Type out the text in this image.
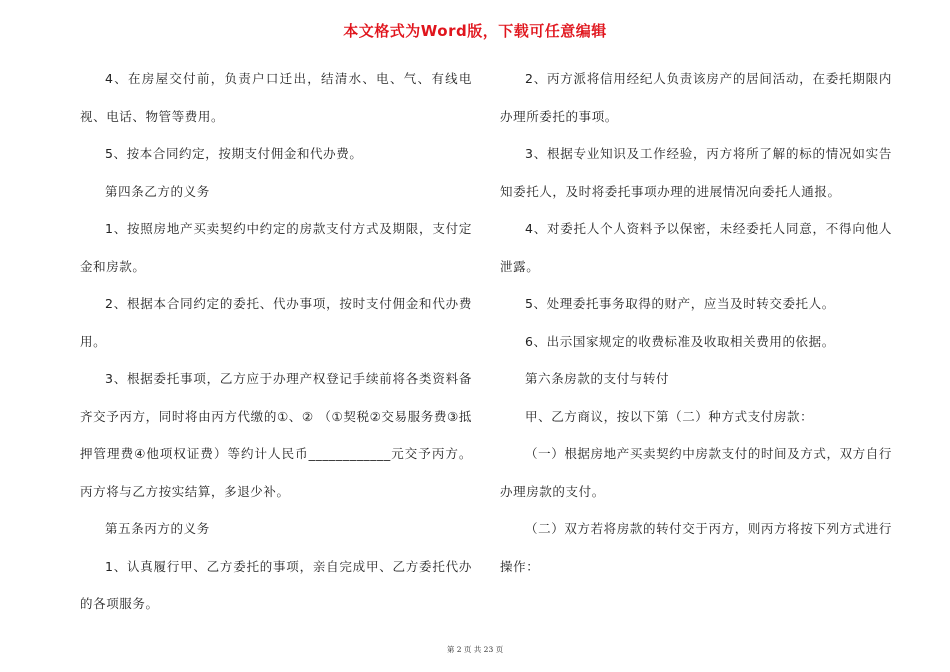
本文格式为Word版，下载可任意编辑

4、在房屋交付前，负责户口迁出，结清水、电、气、有线电视、电话、物管等费用。

5、按本合同约定，按期支付佣金和代办费。

第四条乙方的义务

1、按照房地产买卖契约中约定的房款支付方式及期限，支付定金和房款。

2、根据本合同约定的委托、代办事项，按时支付佣金和代办费用。

3、根据委托事项，乙方应于办理产权登记手续前将各类资料备齐交予丙方，同时将由丙方代缴的①、② （①契税②交易服务费③抵押管理费④他项权证费）等约计人民币____________元交予丙方。丙方将与乙方按实结算，多退少补。

第五条丙方的义务

1、认真履行甲、乙方委托的事项，亲自完成甲、乙方委托代办的各项服务。

2、丙方派将信用经纪人负责该房产的居间活动，在委托期限内办理所委托的事项。

3、根据专业知识及工作经验，丙方将所了解的标的情况如实告知委托人，及时将委托事项办理的进展情况向委托人通报。

4、对委托人个人资料予以保密，未经委托人同意，不得向他人泄露。

5、处理委托事务取得的财产，应当及时转交委托人。

6、出示国家规定的收费标准及收取相关费用的依据。

第六条房款的支付与转付

甲、乙方商议，按以下第（二）种方式支付房款：

（一）根据房地产买卖契约中房款支付的时间及方式，双方自行办理房款的支付。

（二）双方若将房款的转付交于丙方，则丙方将按下列方式进行操作：

第 2 页 共 23 页
